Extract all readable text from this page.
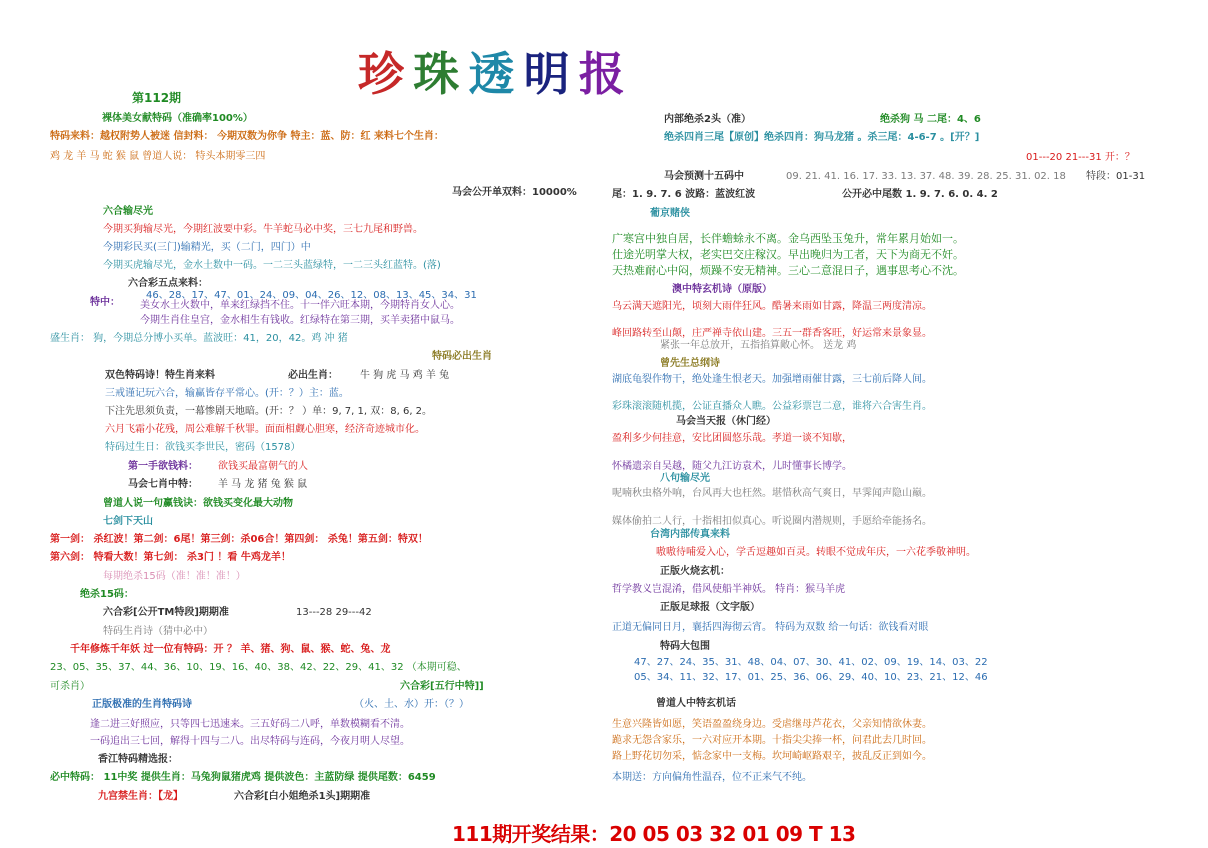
珍 珠 透 明 报
第112期
裸体美女献特码（准确率100%）
特码来料：越权附势人被迷 信封料： 今期双数为你争 特主：蓝、防：红 来料七个生肖：
鸡 龙 羊 马 蛇 猴 鼠 曾道人说： 特头本期零三四
马会公开单双料：10000%
六合输尽光
今期买狗输尽光，今期红波要中彩。牛羊蛇马必中奖，三七九尾和野兽。
今期彩民买(三门)输精光，买（二门，四门）中
今期买虎输尽光，金水土数中一码。一二三头蓝绿特，一二三头红蓝特。(落)
六合彩五点来料：
46、28、17、47、01、24、09、04、26、12、08、13、45、34、31
特中： 美女水土火数中，单来红绿挡不住。十一伴六旺本期，今期特肖女人心。
今期生肖住皇宫，金水相生有钱收。红绿特在第三期，买羊卖猪中鼠马。
盛生肖： 狗，今期总分博小买单。蓝波旺：41，20，42。鸡 冲 猪
特码必出生肖
双色特码诗！特生肖来料	必出生肖： 牛 狗 虎 马 鸡 羊 兔
三戒谨记玩六合，输赢皆存平常心。(开：？）主：蓝。
下注先思须负责，一幕惨剧天地暗。(开：？ ）单：9, 7, 1, 双：8, 6, 2。
六月飞霜小花残，周公难解千秋罪。面面相觑心胆寒，经济奇迹城市化。
特码过生日：欲钱买李世民，密码（1578）
第一手欲钱料： 欲钱买最富朝气的人
马会七肖中特： 羊 马 龙 猪 兔 猴 鼠
曾道人说一句赢钱诀：欲钱买变化最大动物
七剑下天山
第一剑： 杀红波！第二剑：6尾！第三剑：杀06合！第四剑： 杀兔！第五剑：特双！
第六剑： 特看大数！第七剑： 杀3门 ！看 牛鸡龙羊！
每期绝杀15码（准！准！准！）
绝杀15码：
六合彩[公开TM特段]期期准	13---28 29---42
特码生肖诗（猜中必中）
千年修炼千年妖 过一位有特码：开 ？ 羊、猪、狗、鼠、猴、蛇、兔、龙
23、05、35、37、44、36、10、19、16、40、38、42、22、29、41、32 （本期可稳、
可杀肖）	六合彩[五行中特]]
正版极准的生肖特码诗	（火、土、水）开：（？）
逢二进三好照应，只等四七迅速来。三五好码二八呼，单数模糊看不清。
一码追出三七回，解得十四与二八。出尽特码与连码，今夜月明人尽望。
香江特码精选报：
必中特码： 11中奖 提供生肖：马兔狗鼠猪虎鸡 提供波色：主蓝防绿 提供尾数：6459
九宫禁生肖：【龙】	六合彩[白小姐绝杀1头]期期准
内部绝杀2头（准）	绝杀狗 马 二尾：4、6
绝杀四肖三尾【原创】绝杀四肖：狗马龙猪 。杀三尾：4-6-7 。[开？]
01---20 21---31 开：？
马会预测十五码中	09. 21. 41. 16. 17. 33. 13. 37. 48. 39. 28. 25. 31. 02. 18 特段：01-31
尾：1. 9. 7. 6 波路：蓝波红波	公开必中尾数 1. 9. 7. 6. 0. 4. 2
葡京赌侠
广寒宫中独自居，长伴蟾蜍永不离。金乌西坠玉兔升，常年累月始如一。
仕途光明掌大权，老实巴交庄稼汉。早出晚归为工者，天下为商无不奸。
天热难耐心中闷，烦躁不安无精神。三心二意混日子，遇事思考心不沈。
澳中特玄机诗（原版）
乌云满天遮阳光，顷刻大雨伴狂风。酷暑来雨如甘露，降温三两度清凉。
峰回路转至山颠，庄严禅寺依山建。三五一群香客旺，好运常来景象显。
紧张一年总放开，五指掐算敞心怀。 送龙 鸡
曾先生总纲诗
湖底龟裂作物干，绝处逢生恨老天。加强增雨催甘露，三七前后降人间。
彩珠滚滚随机揽，公证直播众人瞧。公益彩票岂二意，谁将六合害生肖。
马会当天报（休门经）
盈利多少何挂意，安比团圆悠乐哉。孝道一谈不知歇，
怀橘遗亲自吴越，随父九江访袁术，儿时懂事长博学。
八句输尽光
呢喃秋虫格外响，台风再大也枉然。堪惜秋高气爽日，早霁闻声隐山巅。
媒体偷拍二人行，十指相扣似真心。听说圈内潜规则，手愿给牵能扬名。
台湾内部传真来料
嗷嗷待哺爱入心，学舌逗趣如百灵。转眼不觉成年庆，一六花季敬神明。
正版火烧玄机：
哲学教义岂混淆，借风使船半神妖。 特肖：猴马羊虎
正版足球报（文字版）
正道无偏同日月，襄括四海彻云宵。 特码为双数 给一句话：欲钱看对眼
特码大包围
47、27、24、35、31、48、04、07、30、41、02、09、19、14、03、22
05、34、11、32、17、01、25、36、06、29、40、10、23、21、12、46
曾道人中特玄机话
生意兴隆皆如愿，笑语盈盈绕身边。受虐继母芦花衣，父亲知情欲休妻。
跪求无怨含家乐，一六对应开本期。十指尖尖捧一杯，问君此去几时回。
路上野花切勿采，惦念家中一支梅。坎坷崎岖路艰辛，披乱反正到如今。
本期送：方向偏角性温吞，位不正来气不纯。
111期开奖结果：20 05 03 32 01 09 T 13
